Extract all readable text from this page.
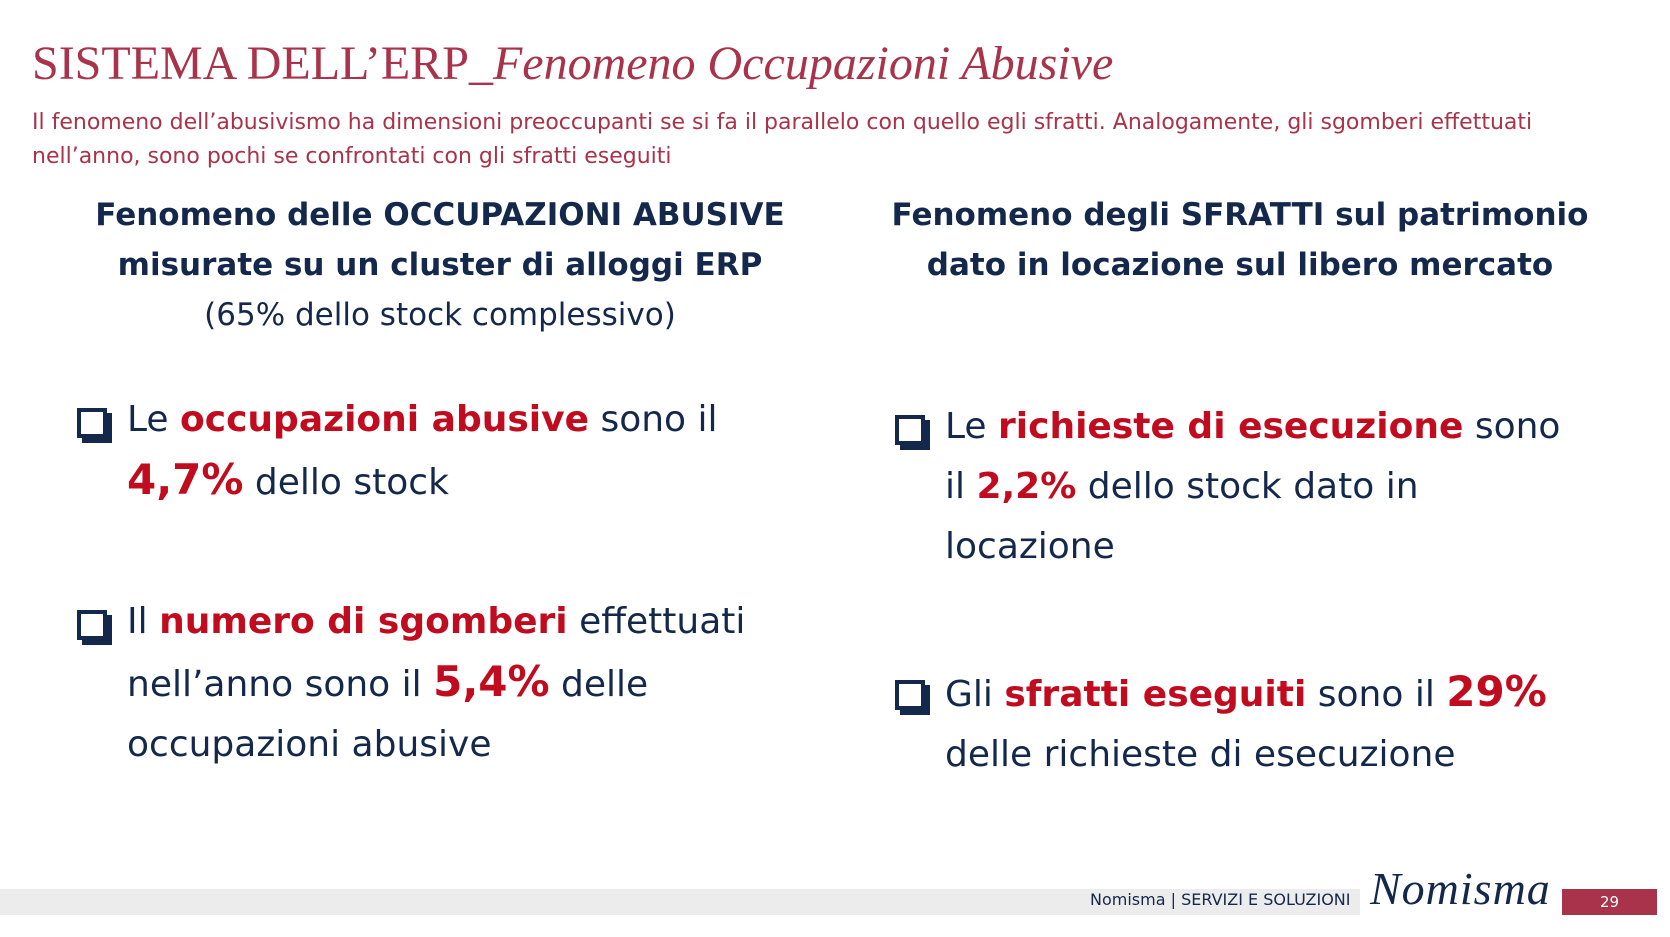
SISTEMA DELL’ERP_Fenomeno Occupazioni Abusive
Il fenomeno dell’abusivismo ha dimensioni preoccupanti se si fa il parallelo con quello egli sfratti. Analogamente, gli sgomberi effettuati nell’anno, sono pochi se confrontati con gli sfratti eseguiti
Fenomeno delle OCCUPAZIONI ABUSIVE
misurate su un cluster di alloggi ERP
(65% dello stock complessivo)
Fenomeno degli SFRATTI sul patrimonio
dato in locazione sul libero mercato
Le occupazioni abusive sono il
4,7% dello stock
Il numero di sgomberi effettuati nell’anno sono il 5,4% delle occupazioni abusive
Le richieste di esecuzione sono il 2,2% dello stock dato in locazione
Gli sfratti eseguiti sono il 29%
delle richieste di esecuzione
Nomisma | SERVIZI E SOLUZIONI Nomisma	29
